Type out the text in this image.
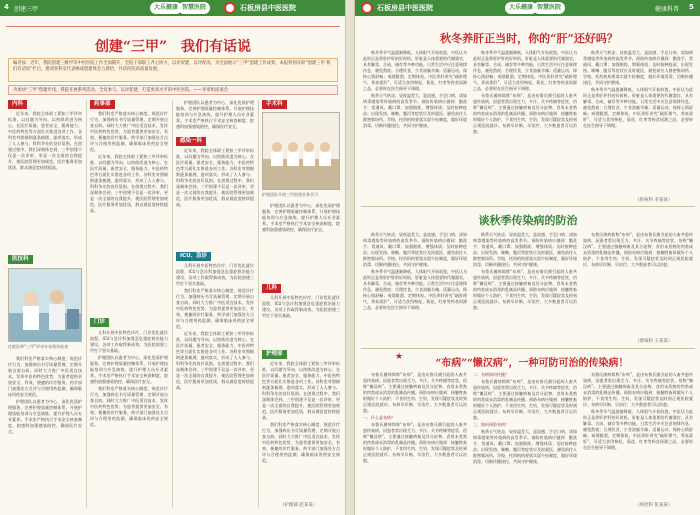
4 创建三甲	大乐健康 智慧医院	石板房县中医医院
创建“三甲”　我们有话说
编者按：近年，我院创建三级甲等中医医院工作全面铺开，全院干部职工齐心协力，以评促建、以评促改。为全面展示“三甲”创建工作成效，本报特别开辟“创建三甲 我们有话说”栏目，邀请各科室代表畅谈创建体会与感悟，共话医院高质量发展。
为加快“三甲”创建步伐，我院开展系列活动，全员参与，以评促建，打造更高水平的中医医院。——评审组座谈会
内科

近年来，我院全体职工紧扣三甲评审标准，以问题为导向，以持续改进为核心，在医疗质量、患者安全、服务能力、中医药特色等方面扎实推进各项工作。各科室对照细则逐条梳理、逐项落实，形成了人人参与、科科争先的良好氛围。在创建过程中，我们深刻体会到，三甲创建不仅是一次评审，更是一次全面的自我提升，使医院管理更加规范，医疗服务更加优质，群众满意度持续提高。

医技科
住院医师“三甲”评审专家现场检查

我们科室严格落实核心制度，规范诊疗行为，加强病历书写质量管理，定期开展自查自纠。同时大力推广中医适宜技术，发挥中医药特色优势，为患者提供更加安全、有效、便捷的诊疗服务。药学部门加强处方点评与合理用药监测，确保临床用药安全规范。

护理团队以患者为中心，深化优质护理服务，完善护理质量控制体系，开展护理技能培训与应急演练，提升护理人员专业素养。手术室严格执行手术安全核查制度，院感科加强感染防控，确保医疗安全。

药事部

我们科室严格落实核心制度，规范诊疗行为，加强病历书写质量管理，定期开展自查自纠。同时大力推广中医适宜技术，发挥中医药特色优势，为患者提供更加安全、有效、便捷的诊疗服务。药学部门加强处方点评与合理用药监测，确保临床用药安全规范。

近年来，我院全体职工紧扣三甲评审标准，以问题为导向，以持续改进为核心，在医疗质量、患者安全、服务能力、中医药特色等方面扎实推进各项工作。各科室对照细则逐条梳理、逐项落实，形成了人人参与、科科争先的良好氛围。在创建过程中，我们深刻体会到，三甲创建不仅是一次评审，更是一次全面的自我提升，使医院管理更加规范，医疗服务更加优质，群众满意度持续提高。

门诊

儿科开展中医特色诊疗，门诊优化就诊流程，ICU与急诊科加强急危重症救治能力建设，各项工作取得新成效，为医院创建三甲打下坚实基础。

护理团队以患者为中心，深化优质护理服务，完善护理质量控制体系，开展护理技能培训与应急演练，提升护理人员专业素养。手术室严格执行手术安全核查制度，院感科加强感染防控，确保医疗安全。

我们科室严格落实核心制度，规范诊疗行为，加强病历书写质量管理，定期开展自查自纠。同时大力推广中医适宜技术，发挥中医药特色优势，为患者提供更加安全、有效、便捷的诊疗服务。药学部门加强处方点评与合理用药监测，确保临床用药安全规范。

护理团队以患者为中心，深化优质护理服务，完善护理质量控制体系，开展护理技能培训与应急演练，提升护理人员专业素养。手术室严格执行手术安全核查制度，院感科加强感染防控，确保医疗安全。

感染一科

近年来，我院全体职工紧扣三甲评审标准，以问题为导向，以持续改进为核心，在医疗质量、患者安全、服务能力、中医药特色等方面扎实推进各项工作。各科室对照细则逐条梳理、逐项落实，形成了人人参与、科科争先的良好氛围。在创建过程中，我们深刻体会到，三甲创建不仅是一次评审，更是一次全面的自我提升，使医院管理更加规范，医疗服务更加优质，群众满意度持续提高。

ICU、急诊

儿科开展中医特色诊疗，门诊优化就诊流程，ICU与急诊科加强急危重症救治能力建设，各项工作取得新成效，为医院创建三甲打下坚实基础。

我们科室严格落实核心制度，规范诊疗行为，加强病历书写质量管理，定期开展自查自纠。同时大力推广中医适宜技术，发挥中医药特色优势，为患者提供更加安全、有效、便捷的诊疗服务。药学部门加强处方点评与合理用药监测，确保临床用药安全规范。

近年来，我院全体职工紧扣三甲评审标准，以问题为导向，以持续改进为核心，在医疗质量、患者安全、服务能力、中医药特色等方面扎实推进各项工作。各科室对照细则逐条梳理、逐项落实，形成了人人参与、科科争先的良好氛围。在创建过程中，我们深刻体会到，三甲创建不仅是一次评审，更是一次全面的自我提升，使医院管理更加规范，医疗服务更加优质，群众满意度持续提高。

手术科
护理团队开展三甲创建业务学习

护理团队以患者为中心，深化优质护理服务，完善护理质量控制体系，开展护理技能培训与应急演练，提升护理人员专业素养。手术室严格执行手术安全核查制度，院感科加强感染防控，确保医疗安全。

儿科

儿科开展中医特色诊疗，门诊优化就诊流程，ICU与急诊科加强急危重症救治能力建设，各项工作取得新成效，为医院创建三甲打下坚实基础。

护理部

近年来，我院全体职工紧扣三甲评审标准，以问题为导向，以持续改进为核心，在医疗质量、患者安全、服务能力、中医药特色等方面扎实推进各项工作。各科室对照细则逐条梳理、逐项落实，形成了人人参与、科科争先的良好氛围。在创建过程中，我们深刻体会到，三甲创建不仅是一次评审，更是一次全面的自我提升，使医院管理更加规范，医疗服务更加优质，群众满意度持续提高。

我们科室严格落实核心制度，规范诊疗行为，加强病历书写质量管理，定期开展自查自纠。同时大力推广中医适宜技术，发挥中医药特色优势，为患者提供更加安全、有效、便捷的诊疗服务。药学部门加强处方点评与合理用药监测，确保临床用药安全规范。

（护理部 赵某某）
石板房县中医医院	大乐健康 智慧医院	健康科普 5
秋冬养肝正当时，你的“肝”还好吗？

秋冬季节气温逐渐降低，人体阳气开始收敛，中医认为此时正是养肝护肝的好时机。肝脏是人体重要的代谢器官，具有解毒、合成、储存等多种功能。日常生活中应注意规律作息，避免熬夜；合理饮食，少食油腻辛辣；适量运动，保持心情舒畅；戒烟限酒，定期体检。中医养肝讲究“疏肝理气、养血柔肝”，可适当食用枸杞、菊花、红枣等药食同源之品，必要时在医生指导下调理。

秋季天气转凉，昼夜温差大，是流感、手足口病、诺如病毒感染等传染病的高发季节。预防传染病应做到：勤洗手、常通风、戴口罩；加强锻炼，增强体质；及时接种疫苗；出现发热、咳嗽、腹泻等症状应及时就医，避免前往人群密集场所。学校、托幼机构要落实晨午检制度，做好环境消毒，切断传播途径，共同守护健康。

秋冬季节气温逐渐降低，人体阳气开始收敛，中医认为此时正是养肝护肝的好时机。肝脏是人体重要的代谢器官，具有解毒、合成、储存等多种功能。日常生活中应注意规律作息，避免熬夜；合理饮食，少食油腻辛辣；适量运动，保持心情舒畅；戒烟限酒，定期体检。中医养肝讲究“疏肝理气、养血柔肝”，可适当食用枸杞、菊花、红枣等药食同源之品，必要时在医生指导下调理。

布鲁氏菌病简称“布病”，是由布鲁氏菌引起的人畜共患传染病，因患者常出现乏力、多汗、关节疼痛等症状，俗称“懒汉病”。主要通过接触病畜及其分泌物、食用未煮熟的肉类或未消毒的乳制品传播。预防布病应做到：接触牲畜时做好个人防护，不食用生肉、生奶，发现可疑症状及时到正规医院就诊。布病早诊断、早治疗，大多数患者可以治愈。

秋季天气转凉，昼夜温差大，是流感、手足口病、诺如病毒感染等传染病的高发季节。预防传染病应做到：勤洗手、常通风、戴口罩；加强锻炼，增强体质；及时接种疫苗；出现发热、咳嗽、腹泻等症状应及时就医，避免前往人群密集场所。学校、托幼机构要落实晨午检制度，做好环境消毒，切断传播途径，共同守护健康。

秋冬季节气温逐渐降低，人体阳气开始收敛，中医认为此时正是养肝护肝的好时机。肝脏是人体重要的代谢器官，具有解毒、合成、储存等多种功能。日常生活中应注意规律作息，避免熬夜；合理饮食，少食油腻辛辣；适量运动，保持心情舒畅；戒烟限酒，定期体检。中医养肝讲究“疏肝理气、养血柔肝”，可适当食用枸杞、菊花、红枣等药食同源之品，必要时在医生指导下调理。

（肝病科 李某某）
谈秋季传染病的防治

秋季天气转凉，昼夜温差大，是流感、手足口病、诺如病毒感染等传染病的高发季节。预防传染病应做到：勤洗手、常通风、戴口罩；加强锻炼，增强体质；及时接种疫苗；出现发热、咳嗽、腹泻等症状应及时就医，避免前往人群密集场所。学校、托幼机构要落实晨午检制度，做好环境消毒，切断传播途径，共同守护健康。

秋冬季节气温逐渐降低，人体阳气开始收敛，中医认为此时正是养肝护肝的好时机。肝脏是人体重要的代谢器官，具有解毒、合成、储存等多种功能。日常生活中应注意规律作息，避免熬夜；合理饮食，少食油腻辛辣；适量运动，保持心情舒畅；戒烟限酒，定期体检。中医养肝讲究“疏肝理气、养血柔肝”，可适当食用枸杞、菊花、红枣等药食同源之品，必要时在医生指导下调理。

秋季天气转凉，昼夜温差大，是流感、手足口病、诺如病毒感染等传染病的高发季节。预防传染病应做到：勤洗手、常通风、戴口罩；加强锻炼，增强体质；及时接种疫苗；出现发热、咳嗽、腹泻等症状应及时就医，避免前往人群密集场所。学校、托幼机构要落实晨午检制度，做好环境消毒，切断传播途径，共同守护健康。

布鲁氏菌病简称“布病”，是由布鲁氏菌引起的人畜共患传染病，因患者常出现乏力、多汗、关节疼痛等症状，俗称“懒汉病”。主要通过接触病畜及其分泌物、食用未煮熟的肉类或未消毒的乳制品传播。预防布病应做到：接触牲畜时做好个人防护，不食用生肉、生奶，发现可疑症状及时到正规医院就诊。布病早诊断、早治疗，大多数患者可以治愈。

布鲁氏菌病简称“布病”，是由布鲁氏菌引起的人畜共患传染病，因患者常出现乏力、多汗、关节疼痛等症状，俗称“懒汉病”。主要通过接触病畜及其分泌物、食用未煮熟的肉类或未消毒的乳制品传播。预防布病应做到：接触牲畜时做好个人防护，不食用生肉、生奶，发现可疑症状及时到正规医院就诊。布病早诊断、早治疗，大多数患者可以治愈。

（感染科 王某某）
★
“布病”“懒汉病”，一种可防可治的传染病！

布鲁氏菌病简称“布病”，是由布鲁氏菌引起的人畜共患传染病，因患者常出现乏力、多汗、关节疼痛等症状，俗称“懒汉病”。主要通过接触病畜及其分泌物、食用未煮熟的肉类或未消毒的乳制品传播。预防布病应做到：接触牲畜时做好个人防护，不食用生肉、生奶，发现可疑症状及时到正规医院就诊。布病早诊断、早治疗，大多数患者可以治愈。

一、什么是布病？

布鲁氏菌病简称“布病”，是由布鲁氏菌引起的人畜共患传染病，因患者常出现乏力、多汗、关节疼痛等症状，俗称“懒汉病”。主要通过接触病畜及其分泌物、食用未煮熟的肉类或未消毒的乳制品传播。预防布病应做到：接触牲畜时做好个人防护，不食用生肉、生奶，发现可疑症状及时到正规医院就诊。布病早诊断、早治疗，大多数患者可以治愈。

二、布病如何传播？

布鲁氏菌病简称“布病”，是由布鲁氏菌引起的人畜共患传染病，因患者常出现乏力、多汗、关节疼痛等症状，俗称“懒汉病”。主要通过接触病畜及其分泌物、食用未煮熟的肉类或未消毒的乳制品传播。预防布病应做到：接触牲畜时做好个人防护，不食用生肉、生奶，发现可疑症状及时到正规医院就诊。布病早诊断、早治疗，大多数患者可以治愈。

三、如何预防布病？

秋季天气转凉，昼夜温差大，是流感、手足口病、诺如病毒感染等传染病的高发季节。预防传染病应做到：勤洗手、常通风、戴口罩；加强锻炼，增强体质；及时接种疫苗；出现发热、咳嗽、腹泻等症状应及时就医，避免前往人群密集场所。学校、托幼机构要落实晨午检制度，做好环境消毒，切断传播途径，共同守护健康。

布鲁氏菌病简称“布病”，是由布鲁氏菌引起的人畜共患传染病，因患者常出现乏力、多汗、关节疼痛等症状，俗称“懒汉病”。主要通过接触病畜及其分泌物、食用未煮熟的肉类或未消毒的乳制品传播。预防布病应做到：接触牲畜时做好个人防护，不食用生肉、生奶，发现可疑症状及时到正规医院就诊。布病早诊断、早治疗，大多数患者可以治愈。

秋冬季节气温逐渐降低，人体阳气开始收敛，中医认为此时正是养肝护肝的好时机。肝脏是人体重要的代谢器官，具有解毒、合成、储存等多种功能。日常生活中应注意规律作息，避免熬夜；合理饮食，少食油腻辛辣；适量运动，保持心情舒畅；戒烟限酒，定期体检。中医养肝讲究“疏肝理气、养血柔肝”，可适当食用枸杞、菊花、红枣等药食同源之品，必要时在医生指导下调理。

（疾控科 张某某）
